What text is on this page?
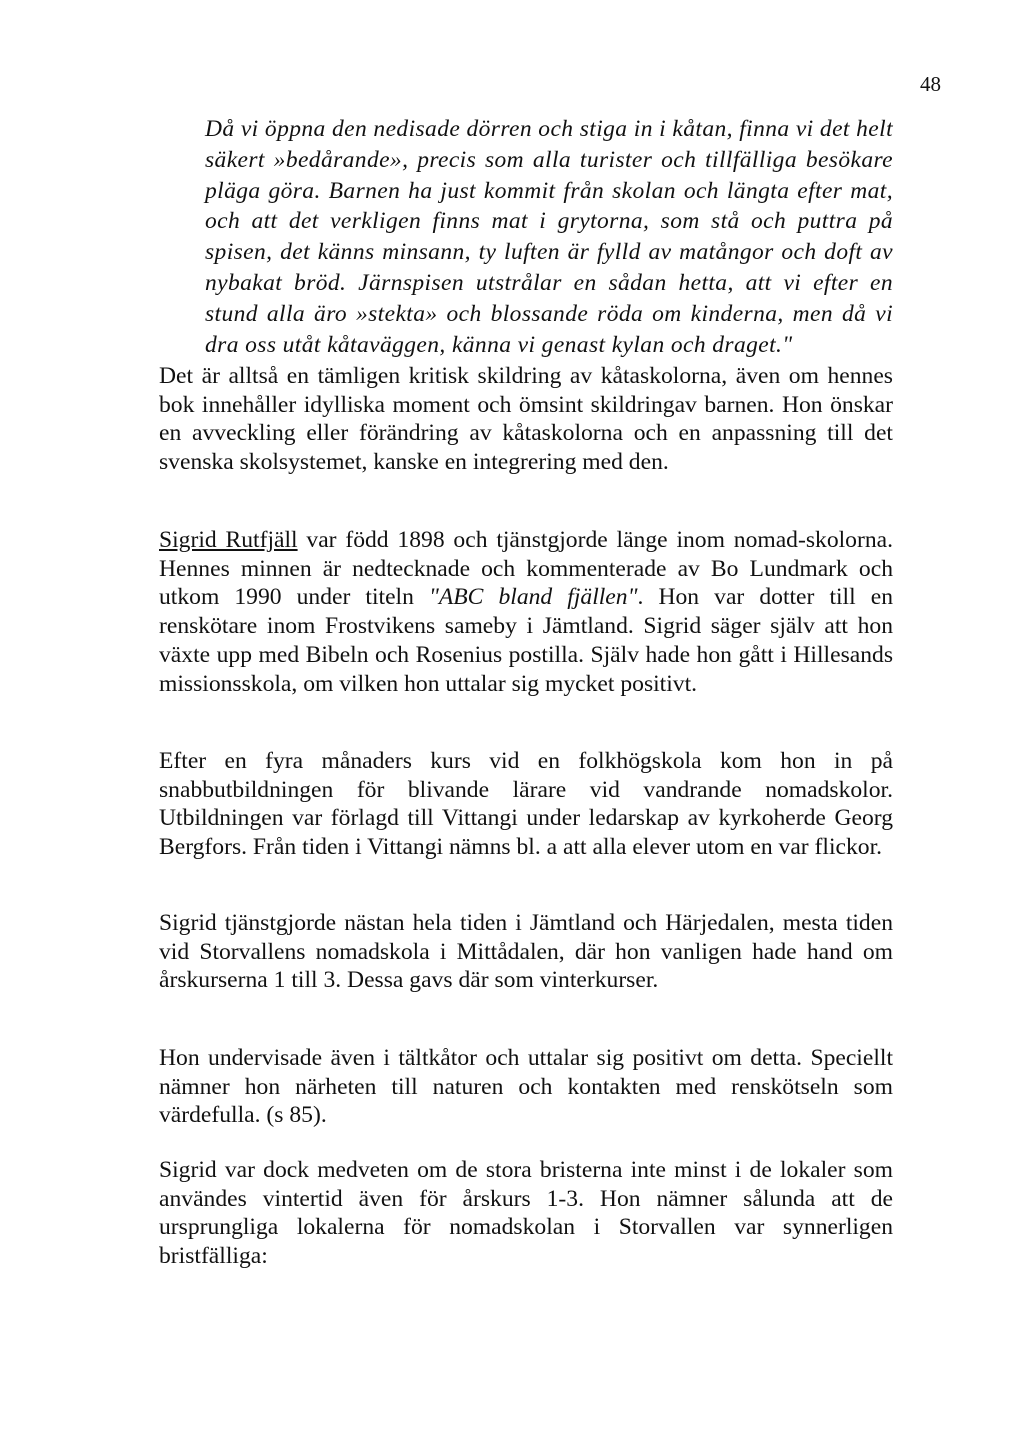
48

Då vi öppna den nedisade dörren och stiga in i kåtan, finna vi det helt säkert »bedårande», precis som alla turister och tillfälliga besökare pläga göra. Barnen ha just kommit från skolan och längta efter mat, och att det verkligen finns mat i grytorna, som stå och puttra på spisen, det känns minsann, ty luften är fylld av matångor och doft av nybakat bröd. Järnspisen utstrålar en sådan hetta, att vi efter en stund alla äro »stekta» och blossande röda om kinderna, men då vi dra oss utåt kåtaväggen, känna vi genast kylan och draget."

Det är alltså en tämligen kritisk skildring av kåtaskolorna, även om hennes bok innehåller idylliska moment och ömsint skildringav barnen. Hon önskar en avveckling eller förändring av kåtaskolorna och en anpassning till det svenska skolsystemet, kanske en integrering med den.

Sigrid Rutfjäll var född 1898 och tjänstgjorde länge inom nomad-skolorna. Hennes minnen är nedtecknade och kommenterade av Bo Lundmark och utkom 1990 under titeln "ABC bland fjällen". Hon var dotter till en renskötare inom Frostvikens sameby i Jämtland. Sigrid säger själv att hon växte upp med Bibeln och Rosenius postilla. Själv hade hon gått i Hillesands missionsskola, om vilken hon uttalar sig mycket positivt.

Efter en fyra månaders kurs vid en folkhögskola kom hon in på snabbutbildningen för blivande lärare vid vandrande nomadskolor. Utbildningen var förlagd till Vittangi under ledarskap av kyrkoherde Georg Bergfors. Från tiden i Vittangi nämns bl. a att alla elever utom en var flickor.

Sigrid tjänstgjorde nästan hela tiden i Jämtland och Härjedalen, mesta tiden vid Storvallens nomadskola i Mittådalen, där hon vanligen hade hand om årskurserna 1 till 3. Dessa gavs där som vinterkurser.

Hon undervisade även i tältkåtor och uttalar sig positivt om detta. Speciellt nämner hon närheten till naturen och kontakten med renskötseln som värdefulla. (s 85).

Sigrid var dock medveten om de stora bristerna inte minst i de lokaler som användes vintertid även för årskurs 1-3. Hon nämner sålunda att de ursprungliga lokalerna för nomadskolan i Storvallen var synnerligen bristfälliga:
